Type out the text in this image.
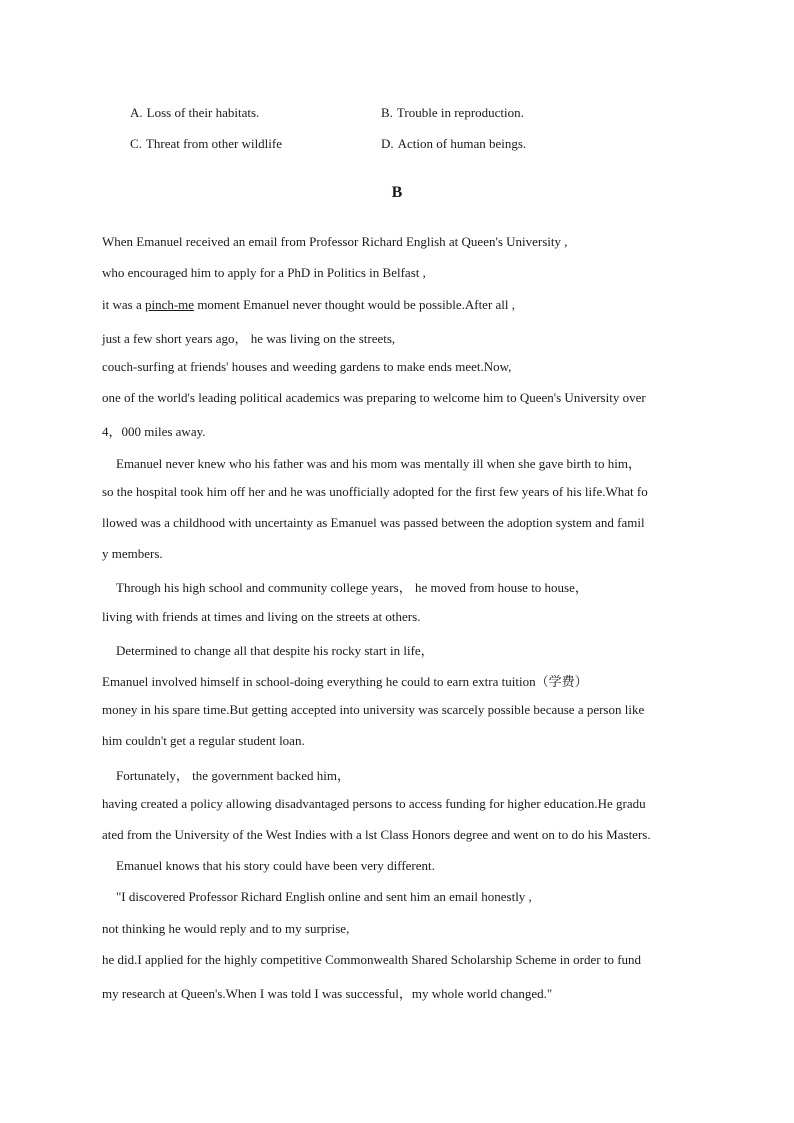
A. Loss of their habitats.	B. Trouble in reproduction.
C. Threat from other wildlife	D. Action of human beings.
B
When Emanuel received an email from Professor Richard English at Queen's University ,
who encouraged him to apply for a PhD in Politics in Belfast ,
it was a pinch-me moment Emanuel never thought would be possible.After all ,
just a few short years ago， he was living on the streets,
couch-surfing at friends' houses and weeding gardens to make ends meet.Now,
one of the world's leading political academics was preparing to welcome him to Queen's University over
4，000 miles away.
Emanuel never knew who his father was and his mom was mentally ill when she gave birth to him，
so the hospital took him off her and he was unofficially adopted for the first few years of his life.What fo
llowed was a childhood with uncertainty as Emanuel was passed between the adoption system and famil
y members.
Through his high school and community college years， he moved from house to house，
living with friends at times and living on the streets at others.
Determined to change all that despite his rocky start in life，
Emanuel involved himself in school-doing everything he could to earn extra tuition（学费）
money in his spare time.But getting accepted into university was scarcely possible because a person like
him couldn't get a regular student loan.
Fortunately， the government backed him，
having created a policy allowing disadvantaged persons to access funding for higher education.He gradu
ated from the University of the West Indies with a lst Class Honors degree and went on to do his Masters.
Emanuel knows that his story could have been very different.
"I discovered Professor Richard English online and sent him an email honestly ,
not thinking he would reply and to my surprise,
he did.I applied for the highly competitive Commonwealth Shared Scholarship Scheme in order to fund
my research at Queen's.When I was told I was successful，my whole world changed."
